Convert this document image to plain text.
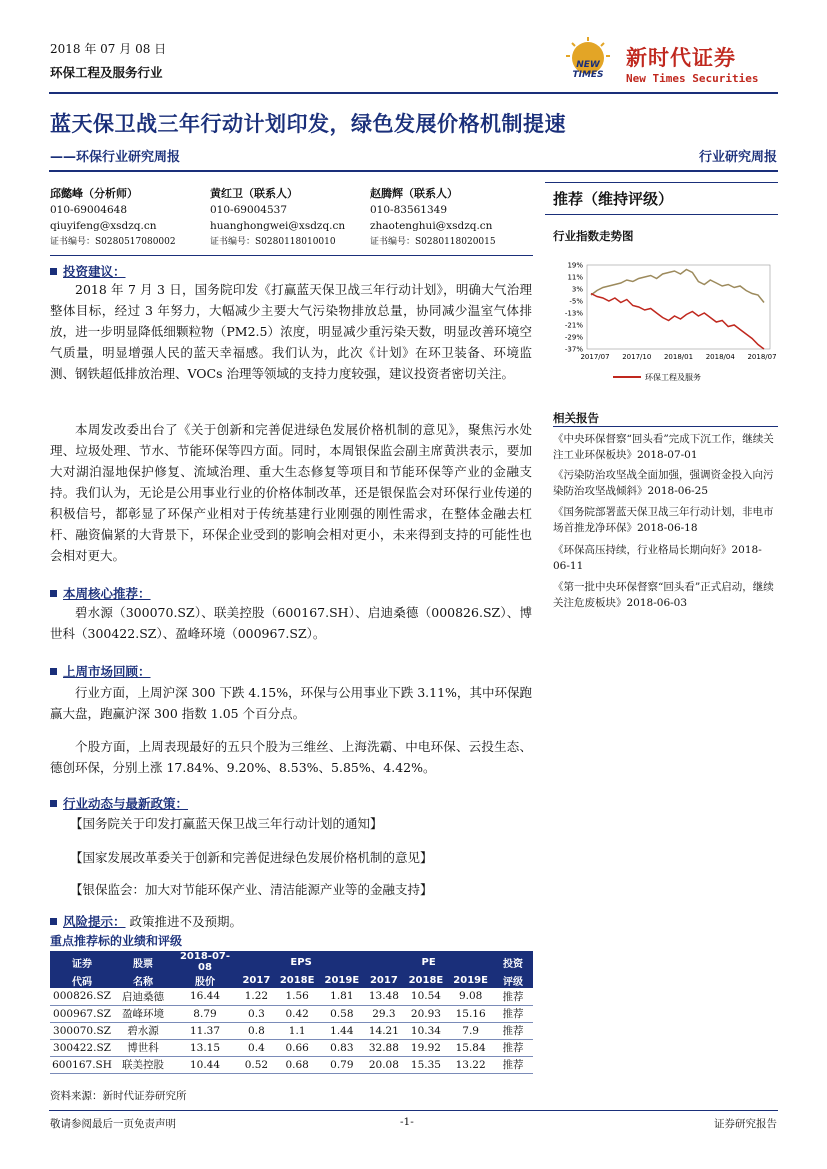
2018 年 07 月 08 日
环保工程及服务行业	NEW TIMES
新时代证券
New Times Securities
蓝天保卫战三年行动计划印发，绿色发展价格机制提速
——环保行业研究周报	行业研究周报
邱懿峰（分析师）
010-69004648
qiuyifeng@xsdzq.cn
证书编号：S0280517080002
黄红卫（联系人）
010-69004537
huanghongwei@xsdzq.cn
证书编号：S0280118010010
赵腾辉（联系人）
010-83561349
zhaotenghui@xsdzq.cn
证书编号：S0280118020015
投资建议：
2018 年 7 月 3 日，国务院印发《打赢蓝天保卫战三年行动计划》，明确大气治理整体目标，经过 3 年努力，大幅减少主要大气污染物排放总量，协同减少温室气体排放，进一步明显降低细颗粒物（PM2.5）浓度，明显减少重污染天数，明显改善环境空气质量，明显增强人民的蓝天幸福感。我们认为，此次《计划》在环卫装备、环境监测、钢铁超低排放治理、VOCs 治理等领域的支持力度较强，建议投资者密切关注。
本周发改委出台了《关于创新和完善促进绿色发展价格机制的意见》，聚焦污水处理、垃圾处理、节水、节能环保等四方面。同时，本周银保监会副主席黄洪表示，要加大对湖泊湿地保护修复、流域治理、重大生态修复等项目和节能环保等产业的金融支持。我们认为，无论是公用事业行业的价格体制改革，还是银保监会对环保行业传递的积极信号，都彰显了环保产业相对于传统基建行业刚强的刚性需求，在整体金融去杠杆、融资偏紧的大背景下，环保企业受到的影响会相对更小，未来得到支持的可能性也会相对更大。
本周核心推荐：
碧水源（300070.SZ）、联美控股（600167.SH）、启迪桑德（000826.SZ）、博世科（300422.SZ）、盈峰环境（000967.SZ）。
上周市场回顾：
行业方面，上周沪深 300 下跌 4.15%，环保与公用事业下跌 3.11%，其中环保跑赢大盘，跑赢沪深 300 指数 1.05 个百分点。
个股方面，上周表现最好的五只个股为三维丝、上海洗霸、中电环保、云投生态、德创环保，分别上涨 17.84%、9.20%、8.53%、5.85%、4.42%。
行业动态与最新政策：
【国务院关于印发打赢蓝天保卫战三年行动计划的通知】
【国家发展改革委关于创新和完善促进绿色发展价格机制的意见】
【银保监会：加大对节能环保产业、清洁能源产业等的金融支持】
风险提示： 政策推进不及预期。
重点推荐标的业绩和评级
证券	股票	2018-07-08	EPS			PE			投资
代码	名称	股价	2017	2018E	2019E	2017	2018E	2019E	评级
000826.SZ	启迪桑德	16.44	1.22	1.56	1.81	13.48	10.54	9.08	推荐
000967.SZ	盈峰环境	8.79	0.3	0.42	0.58	29.3	20.93	15.16	推荐
300070.SZ	碧水源	11.37	0.8	1.1	1.44	14.21	10.34	7.9	推荐
300422.SZ	博世科	13.15	0.4	0.66	0.83	32.88	19.92	15.84	推荐
600167.SH	联美控股	10.44	0.52	0.68	0.79	20.08	15.35	13.22	推荐
资料来源：新时代证券研究所
推荐（维持评级）
行业指数走势图
19%
11%
3%
-5%
-13%
-21%
-29%
-37%
2017/07 2017/10 2018/01 2018/04 2018/07
环保工程及服务
相关报告
《中央环保督察“回头看”完成下沉工作，继续关注工业环保板块》2018-07-01
《污染防治攻坚战全面加强，强调资金投入向污染防治攻坚战倾斜》2018-06-25
《国务院部署蓝天保卫战三年行动计划，非电市场首推龙净环保》2018-06-18
《环保高压持续，行业格局长期向好》2018-06-11
《第一批中央环保督察“回头看”正式启动，继续关注危废板块》2018-06-03
敬请参阅最后一页免责声明	-1-	证券研究报告
